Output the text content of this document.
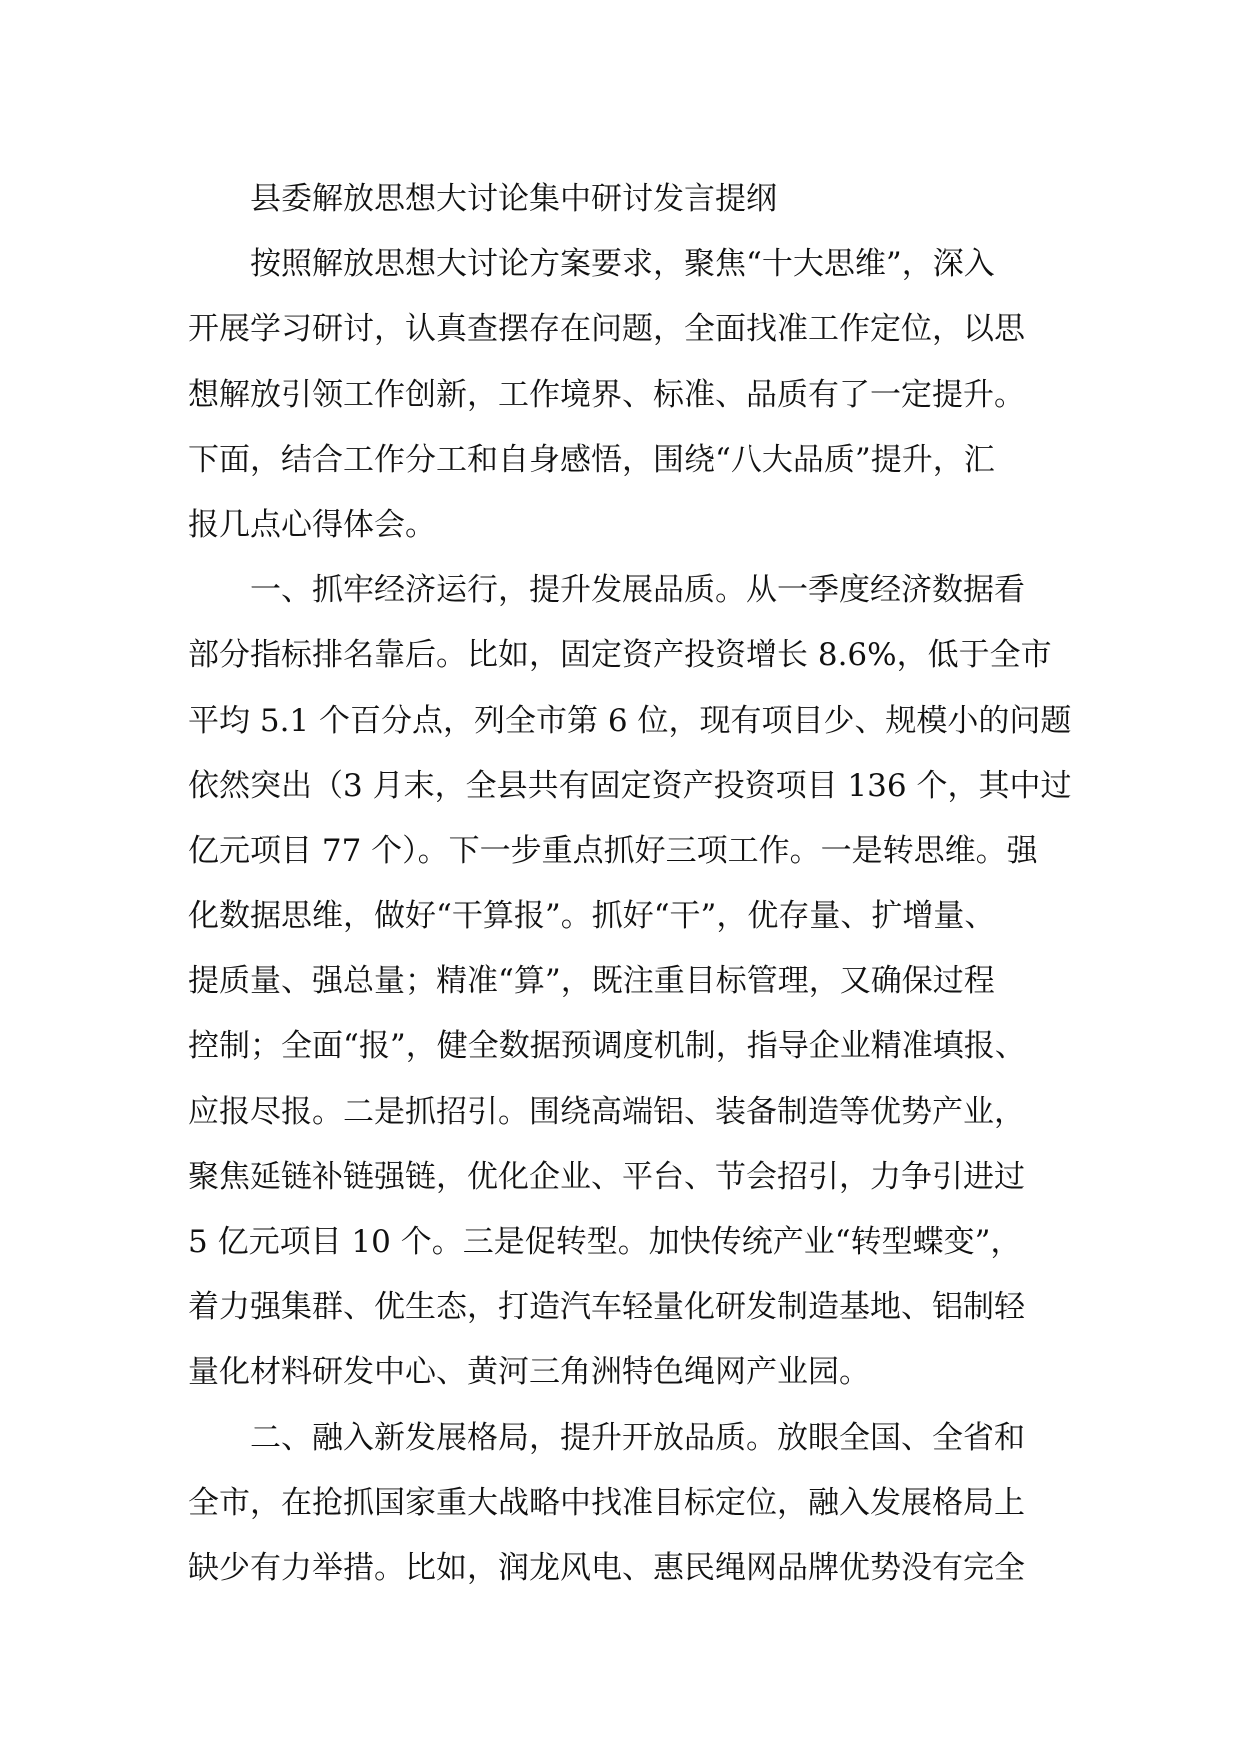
县委解放思想大讨论集中研讨发言提纲
按照解放思想大讨论方案要求，聚焦“十大思维”，深入
开展学习研讨，认真查摆存在问题，全面找准工作定位，以思
想解放引领工作创新，工作境界、标准、品质有了一定提升。
下面，结合工作分工和自身感悟，围绕“八大品质”提升，汇
报几点心得体会。
一、抓牢经济运行，提升发展品质。从一季度经济数据看
部分指标排名靠后。比如，固定资产投资增长 8.6%，低于全市
平均 5.1 个百分点，列全市第 6 位，现有项目少、规模小的问题
依然突出（3 月末，全县共有固定资产投资项目 136 个，其中过
亿元项目 77 个）。下一步重点抓好三项工作。一是转思维。强
化数据思维，做好“干算报”。抓好“干”，优存量、扩增量、
提质量、强总量；精准“算”，既注重目标管理，又确保过程
控制；全面“报”，健全数据预调度机制，指导企业精准填报、
应报尽报。二是抓招引。围绕高端铝、装备制造等优势产业，
聚焦延链补链强链，优化企业、平台、节会招引，力争引进过
5 亿元项目 10 个。三是促转型。加快传统产业“转型蝶变”，
着力强集群、优生态，打造汽车轻量化研发制造基地、铝制轻
量化材料研发中心、黄河三角洲特色绳网产业园。
二、融入新发展格局，提升开放品质。放眼全国、全省和
全市，在抢抓国家重大战略中找准目标定位，融入发展格局上
缺少有力举措。比如，润龙风电、惠民绳网品牌优势没有完全
